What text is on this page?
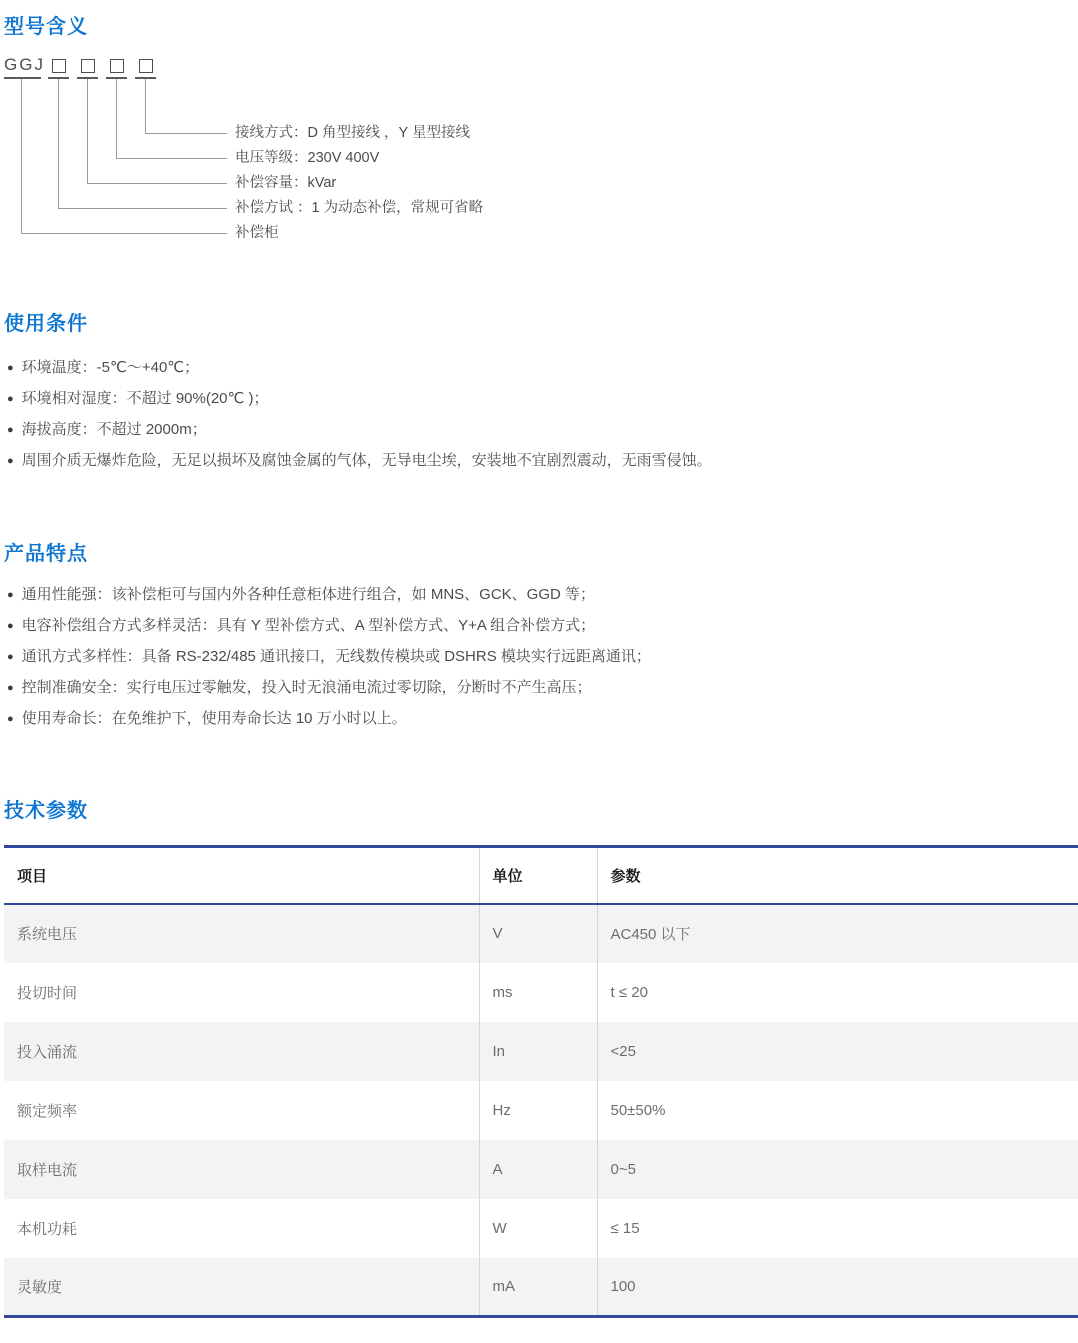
型号含义
GGJ
接线方式：D 角型接线 ，Y 星型接线
电压等级：230V 400V
补偿容量：kVar
补偿方试 ：1 为动态补偿，常规可省略
补偿柜
使用条件
● 环境温度：-5℃～+40℃；
● 环境相对湿度：不超过 90%(20℃ )；
● 海拔高度：不超过 2000m；
● 周围介质无爆炸危险，无足以损坏及腐蚀金属的气体，无导电尘埃，安装地不宜剧烈震动，无雨雪侵蚀。
产品特点
● 通用性能强：该补偿柜可与国内外各种任意柜体进行组合，如 MNS、GCK、GGD 等；
● 电容补偿组合方式多样灵活：具有 Y 型补偿方式、A 型补偿方式、Y+A 组合补偿方式；
● 通讯方式多样性：具备 RS-232/485 通讯接口，无线数传模块或 DSHRS 模块实行远距离通讯；
● 控制准确安全：实行电压过零触发，投入时无浪涌电流过零切除，分断时不产生高压；
● 使用寿命长：在免维护下，使用寿命长达 10 万小时以上。
技术参数
项目	单位	参数
系统电压	V	AC450 以下
投切时间	ms	t ≤ 20
投入涌流	In	<25
额定频率	Hz	50±50%
取样电流	A	0~5
本机功耗	W	≤ 15
灵敏度	mA	100
